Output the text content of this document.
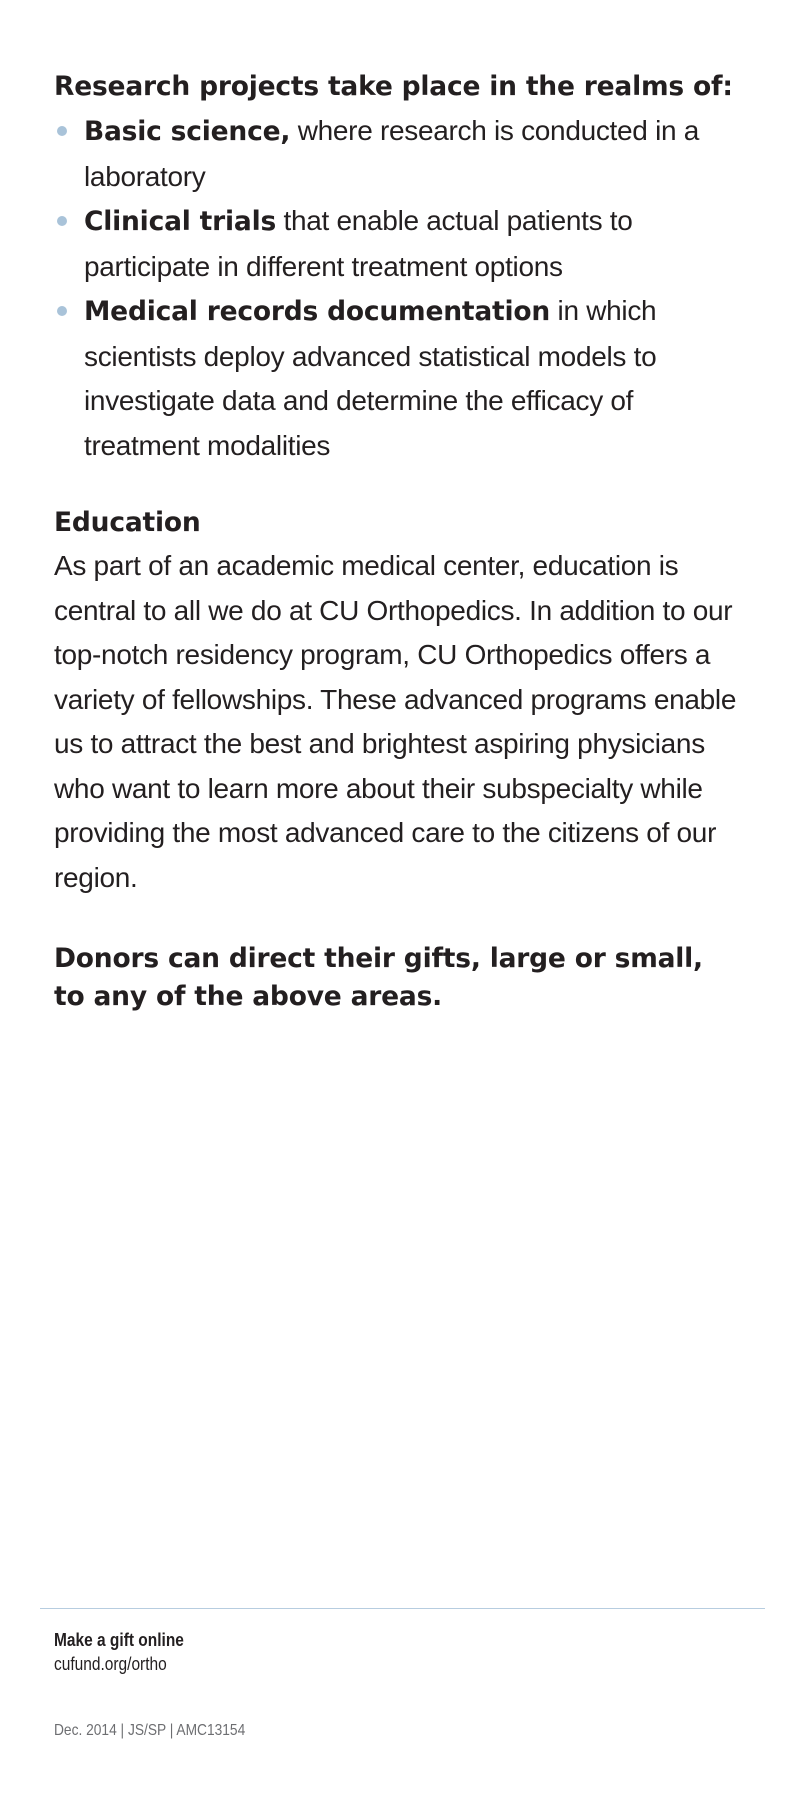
Research projects take place in the realms of:
Basic science, where research is conducted in a laboratory
Clinical trials that enable actual patients to participate in different treatment options
Medical records documentation in which scientists deploy advanced statistical models to investigate data and determine the efficacy of treatment modalities
Education

As part of an academic medical center, education is central to all we do at CU Orthopedics. In addition to our top-notch residency program, CU Orthopedics offers a variety of fellowships. These advanced programs enable us to attract the best and brightest aspiring physicians who want to learn more about their subspecialty while providing the most advanced care to the citizens of our region.

Donors can direct their gifts, large or small, to any of the above areas.
Make a gift online
cufund.org/ortho
Dec. 2014 | JS/SP | AMC13154
